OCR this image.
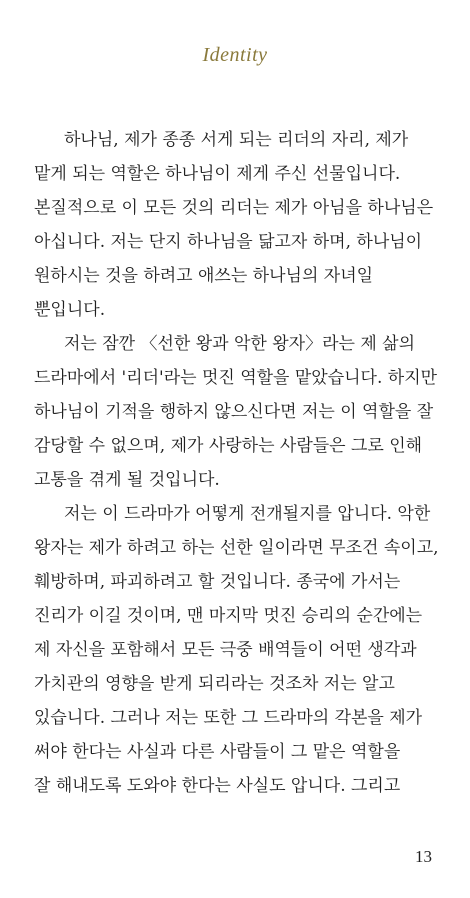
Identity
하나님, 제가 종종 서게 되는 리더의 자리, 제가
맡게 되는 역할은 하나님이 제게 주신 선물입니다.
본질적으로 이 모든 것의 리더는 제가 아님을 하나님은
아십니다. 저는 단지 하나님을 닮고자 하며, 하나님이
원하시는 것을 하려고 애쓰는 하나님의 자녀일
뿐입니다.
저는 잠깐 〈선한 왕과 악한 왕자〉라는 제 삶의
드라마에서 '리더'라는 멋진 역할을 맡았습니다. 하지만
하나님이 기적을 행하지 않으신다면 저는 이 역할을 잘
감당할 수 없으며, 제가 사랑하는 사람들은 그로 인해
고통을 겪게 될 것입니다.
저는 이 드라마가 어떻게 전개될지를 압니다. 악한
왕자는 제가 하려고 하는 선한 일이라면 무조건 속이고,
훼방하며, 파괴하려고 할 것입니다. 종국에 가서는
진리가 이길 것이며, 맨 마지막 멋진 승리의 순간에는
제 자신을 포함해서 모든 극중 배역들이 어떤 생각과
가치관의 영향을 받게 되리라는 것조차 저는 알고
있습니다. 그러나 저는 또한 그 드라마의 각본을 제가
써야 한다는 사실과 다른 사람들이 그 맡은 역할을
잘 해내도록 도와야 한다는 사실도 압니다. 그리고
13
